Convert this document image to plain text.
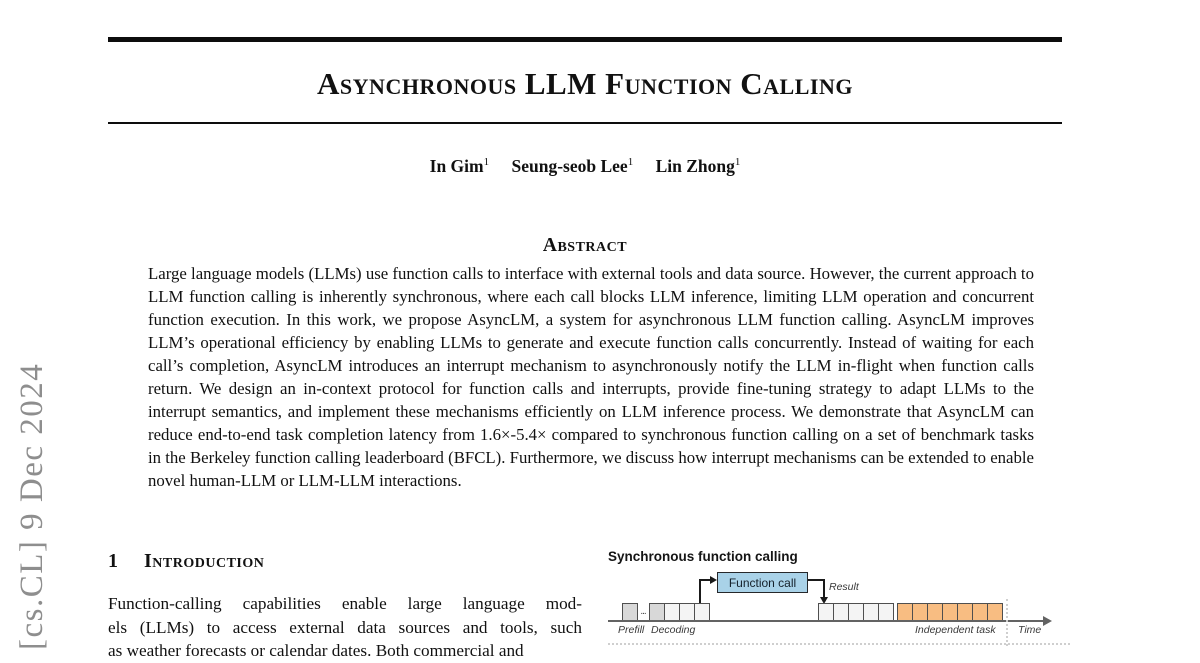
[cs.CL] 9 Dec 2024
Asynchronous LLM Function Calling
In Gim$^1$ Seung-seob Lee$^1$ Lin Zhong$^1$
Abstract
Large language models (LLMs) use function calls to interface with external tools and data source. However, the current approach to LLM function calling is inherently synchronous, where each call blocks LLM inference, limiting LLM operation and concurrent function execution. In this work, we propose AsyncLM, a system for asynchronous LLM function calling. AsyncLM improves LLM’s operational efficiency by enabling LLMs to generate and execute function calls concurrently. Instead of waiting for each call’s completion, AsyncLM introduces an interrupt mechanism to asynchronously notify the LLM in-flight when function calls return. We design an in-context protocol for function calls and interrupts, provide fine-tuning strategy to adapt LLMs to the interrupt semantics, and implement these mechanisms efficiently on LLM inference process. We demonstrate that AsyncLM can reduce end-to-end task completion latency from 1.6×-5.4× compared to synchronous function calling on a set of benchmark tasks in the Berkeley function calling leaderboard (BFCL). Furthermore, we discuss how interrupt mechanisms can be extended to enable novel human-LLM or LLM-LLM interactions.
1 Introduction
Function-calling capabilities enable large language mod-
els (LLMs) to access external data sources and tools, such
as weather forecasts or calendar dates. Both commercial and
Synchronous function calling
Function call	Result
...
Prefill Decoding	Independent task Time
